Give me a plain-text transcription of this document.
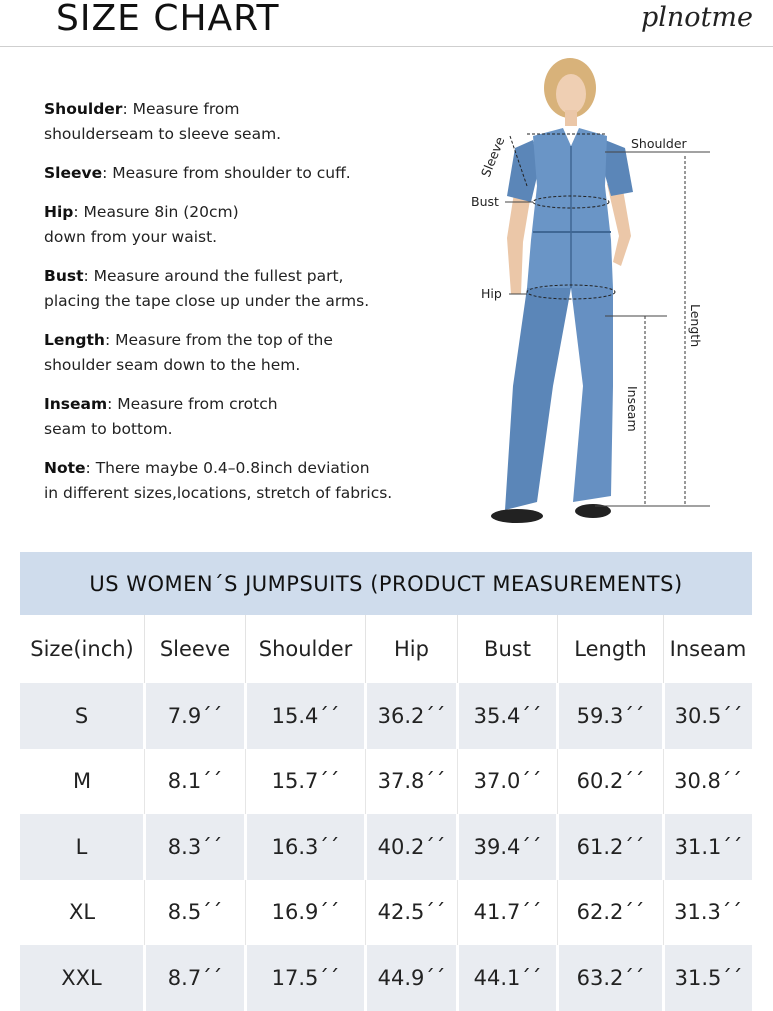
SIZE CHART	plnotme

Shoulder: Measure from
shoulderseam to sleeve seam.

Sleeve: Measure from shoulder to cuff.

Hip: Measure 8in (20cm)
down from your waist.

Bust: Measure around the fullest part,
placing the tape close up under the arms.

Length: Measure from the top of the
shoulder seam down to the hem.

Inseam: Measure from crotch
seam to bottom.

Note: There maybe 0.4–0.8inch deviation
in different sizes,locations, stretch of fabrics.

Shoulder
Sleeve
Bust
Hip
Length
Inseam
US WOMEN´S JUMPSUITS (PRODUCT MEASUREMENTS)
Size(inch)	Sleeve	Shoulder	Hip	Bust	Length	Inseam
S	7.9´´	15.4´´	36.2´´	35.4´´	59.3´´	30.5´´
M	8.1´´	15.7´´	37.8´´	37.0´´	60.2´´	30.8´´
L	8.3´´	16.3´´	40.2´´	39.4´´	61.2´´	31.1´´
XL	8.5´´	16.9´´	42.5´´	41.7´´	62.2´´	31.3´´
XXL	8.7´´	17.5´´	44.9´´	44.1´´	63.2´´	31.5´´
